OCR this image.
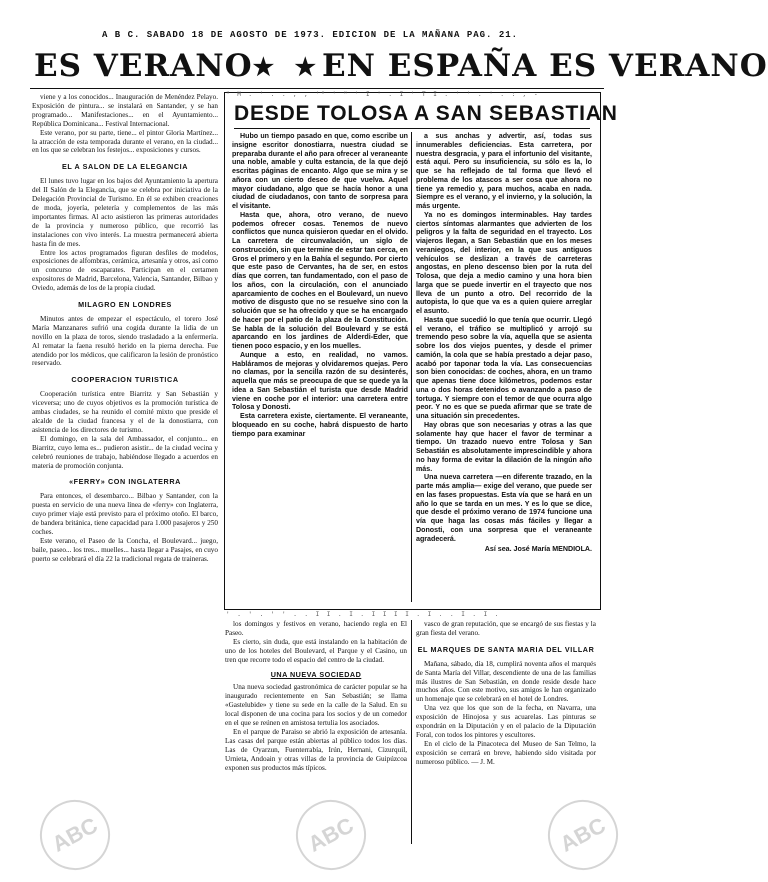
A B C. SABADO 18 DE AGOSTO DE 1973. EDICION DE LA MAÑANA PAG. 21.
ES VERANO ★ ★ EN ESPAÑA ES VERANO

viene y a los conocidos... Inauguración de Menéndez Pelayo. Exposición de pintura... se instalará en Santander, y se han programado... Manifestaciones... en el Ayuntamiento... República Dominicana... Festival Internacional.

Este verano, por su parte, tiene... el pintor Gloria Martínez... la atracción de esta temporada durante el verano, en la ciudad... en los que se celebran los festejos... exposiciones y cursos.

EL A SALON DE LA ELEGANCIA

El lunes tuvo lugar en los bajos del Ayuntamiento la apertura del II Salón de la Elegancia, que se celebra por iniciativa de la Delegación Provincial de Turismo. En él se exhiben creaciones de moda, joyería, peletería y complementos de las más importantes firmas. Al acto asistieron las primeras autoridades de la provincia y numeroso público, que recorrió las instalaciones con vivo interés. La muestra permanecerá abierta hasta fin de mes.

Entre los actos programados figuran desfiles de modelos, exposiciones de alfombras, cerámica, artesanía y otros, así como un concurso de escaparates. Participan en el certamen expositores de Madrid, Barcelona, Valencia, Santander, Bilbao y Oviedo, además de los de la propia ciudad.

MILAGRO EN LONDRES

Minutos antes de empezar el espectáculo, el torero José María Manzanares sufrió una cogida durante la lidia de un novillo en la plaza de toros, siendo trasladado a la enfermería. Al rematar la faena resultó herido en la pierna derecha. Fue atendido por los médicos, que calificaron la lesión de pronóstico reservado.

COOPERACION TURISTICA

Cooperación turística entre Biarritz y San Sebastián y viceversa; uno de cuyos objetivos es la promoción turística de ambas ciudades, se ha reunido el comité mixto que preside el alcalde de la ciudad francesa y el de la donostiarra, con asistencia de los directores de turismo.

El domingo, en la sala del Ambassador, el conjunto... en Biarritz, cuyo lema es... pudieron asistir... de la ciudad vecina y celebró reuniones de trabajo, habiéndose llegado a acuerdos en materia de promoción conjunta.

«FERRY» CON INGLATERRA

Para entonces, el desembarco... Bilbao y Santander, con la puesta en servicio de una nueva línea de «ferry» con Inglaterra, cuyo primer viaje está previsto para el próximo otoño. El barco, de bandera británica, tiene capacidad para 1.000 pasajeros y 250 coches.

Este verano, el Paseo de la Concha, el Boulevard... juego, baile, paseo... los tres... muelles... hasta llegar a Pasajes, en cuyo puerto se celebrará el día 22 la tradicional regata de traineras.

" M . ' . . , , '" ' " ' I ' . I ' T I . ' ' . ' . : , -
DESDE TOLOSA A SAN SEBASTIAN

Hubo un tiempo pasado en que, como escribe un insigne escritor donostiarra, nuestra ciudad se preparaba durante el año para ofrecer al veraneante una noble, amable y culta estancia, de la que dejó escritas páginas de encanto. Algo que se mira y se añora con un cierto deseo de que vuelva. Aquel mayor ciudadano, algo que se hacía honor a una ciudad de ciudadanos, con tanto de sorpresa para el visitante.

Hasta que, ahora, otro verano, de nuevo podemos ofrecer cosas. Tenemos de nuevo conflictos que nunca quisieron quedar en el olvido. La carretera de circunvalación, un siglo de construcción, sin que termine de estar tan cerca, en Gros el primero y en la Bahía el segundo. Por cierto que este paso de Cervantes, ha de ser, en estos días que corren, tan fundamentado, con el paso de los años, con la circulación, con el anunciado aparcamiento de coches en el Boulevard, un nuevo motivo de disgusto que no se resuelve sino con la solución que se ha ofrecido y que se ha encargado de hacer por el patio de la plaza de la Constitución. Se habla de la solución del Boulevard y se está aparcando en los jardines de Alderdi-Eder, que tienen poco espacio, y en los muelles.

Aunque a esto, en realidad, no vamos. Habláramos de mejoras y olvidaremos quejas. Pero no clamas, por la sencilla razón de su desinterés, aquella que más se preocupa de que se quede ya la idea a San Sebastián el turista que desde Madrid viene en coche por el interior: una carretera entre Tolosa y Donosti.

Esta carretera existe, ciertamente. El veraneante, bloqueado en su coche, habrá dispuesto de harto tiempo para examinar

a sus anchas y advertir, así, todas sus innumerables deficiencias. Esta carretera, por nuestra desgracia, y para el infortunio del visitante, está aquí. Pero su insuficiencia, su sólo es la, lo que se ha reflejado de tal forma que llevó el problema de los atascos a ser cosa que ahora no tiene ya remedio y, para muchos, acaba en nada. Siempre es el verano, y el invierno, y la solución, la más urgente.

Ya no es domingos interminables. Hay tardes ciertos síntomas alarmantes que advierten de los peligros y la falta de seguridad en el trayecto. Los viajeros llegan, a San Sebastián que en los meses veraniegos, del interior, en la que sus antiguos vehículos se deslizan a través de carreteras angostas, en pleno descenso bien por la ruta del Tolosa, que deja a medio camino y una hora bien larga que se puede invertir en el trayecto que nos lleva de un punto a otro. Del recorrido de la autopista, lo que que va es a quien quiere arreglar el asunto.

Hasta que sucedió lo que tenía que ocurrir. Llegó el verano, el tráfico se multiplicó y arrojó su tremendo peso sobre la vía, aquella que se asienta sobre los dos viejos puentes, y desde el primer camión, la cola que se había prestado a dejar paso, acabó por taponar toda la vía. Las consecuencias son bien conocidas: de coches, ahora, en un tramo que apenas tiene doce kilómetros, podemos estar una o dos horas detenidos o avanzando a paso de tortuga. Y siempre con el temor de que ocurra algo peor. Y no es que se pueda afirmar que se trate de una situación sin precedentes.

Hay obras que son necesarias y otras a las que solamente hay que hacer el favor de terminar a tiempo. Un trazado nuevo entre Tolosa y San Sebastián es absolutamente imprescindible y ahora no hay forma de evitar la dilación de la ningún año más.

Una nueva carretera —en diferente trazado, en la parte más amplia— exige del verano, que puede ser en las fases propuestas. Esta vía que se hará en un año lo que se tarda en un mes. Y es lo que se dice, que desde el próximo verano de 1974 funcione una vía que haga las cosas más fáciles y llegar a Donosti, con una sorpresa que el veraneante agradecerá.

Así sea. José María MENDIOLA.
' . ' . ' ' . . I I . I . I I I I . I . . I . I .

los domingos y festivos en verano, haciendo regla en El Paseo.

Es cierto, sin duda, que está instalando en la habitación de uno de los hoteles del Boulevard, el Parque y el Casino, un tren que recorre todo el espacio del centro de la ciudad.

UNA NUEVA SOCIEDAD

Una nueva sociedad gastronómica de carácter popular se ha inaugurado recientemente en San Sebastián; se llama «Gastelubide» y tiene su sede en la calle de la Salud. En su local disponen de una cocina para los socios y de un comedor en el que se reúnen en amistosa tertulia los asociados.

En el parque de Paraiso se abrió la exposición de artesanía. Las casas del parque están abiertas al público todos los días. Las de Oyarzun, Fuenterrabía, Irún, Hernani, Cizurquil, Urnieta, Andoain y otras villas de la provincia de Guipúzcoa exponen sus productos más típicos.

vasco de gran reputación, que se encargó de sus fiestas y la gran fiesta del verano.

EL MARQUES DE SANTA MARIA DEL VILLAR

Mañana, sábado, día 18, cumplirá noventa años el marqués de Santa María del Villar, descendiente de una de las familias más ilustres de San Sebastián, en donde reside desde hace muchos años. Con este motivo, sus amigos le han organizado un homenaje que se celebrará en el hotel de Londres.

Una vez que los que son de la fecha, en Navarra, una exposición de Hinojosa y sus acuarelas. Las pinturas se expondrán en la Diputación y en el palacio de la Diputación Foral, con todos los pintores y escultores.

En el ciclo de la Pinacoteca del Museo de San Telmo, la exposición se cerrará en breve, habiendo sido visitada por numeroso público. — J. M.

ABC	ABC	ABC
